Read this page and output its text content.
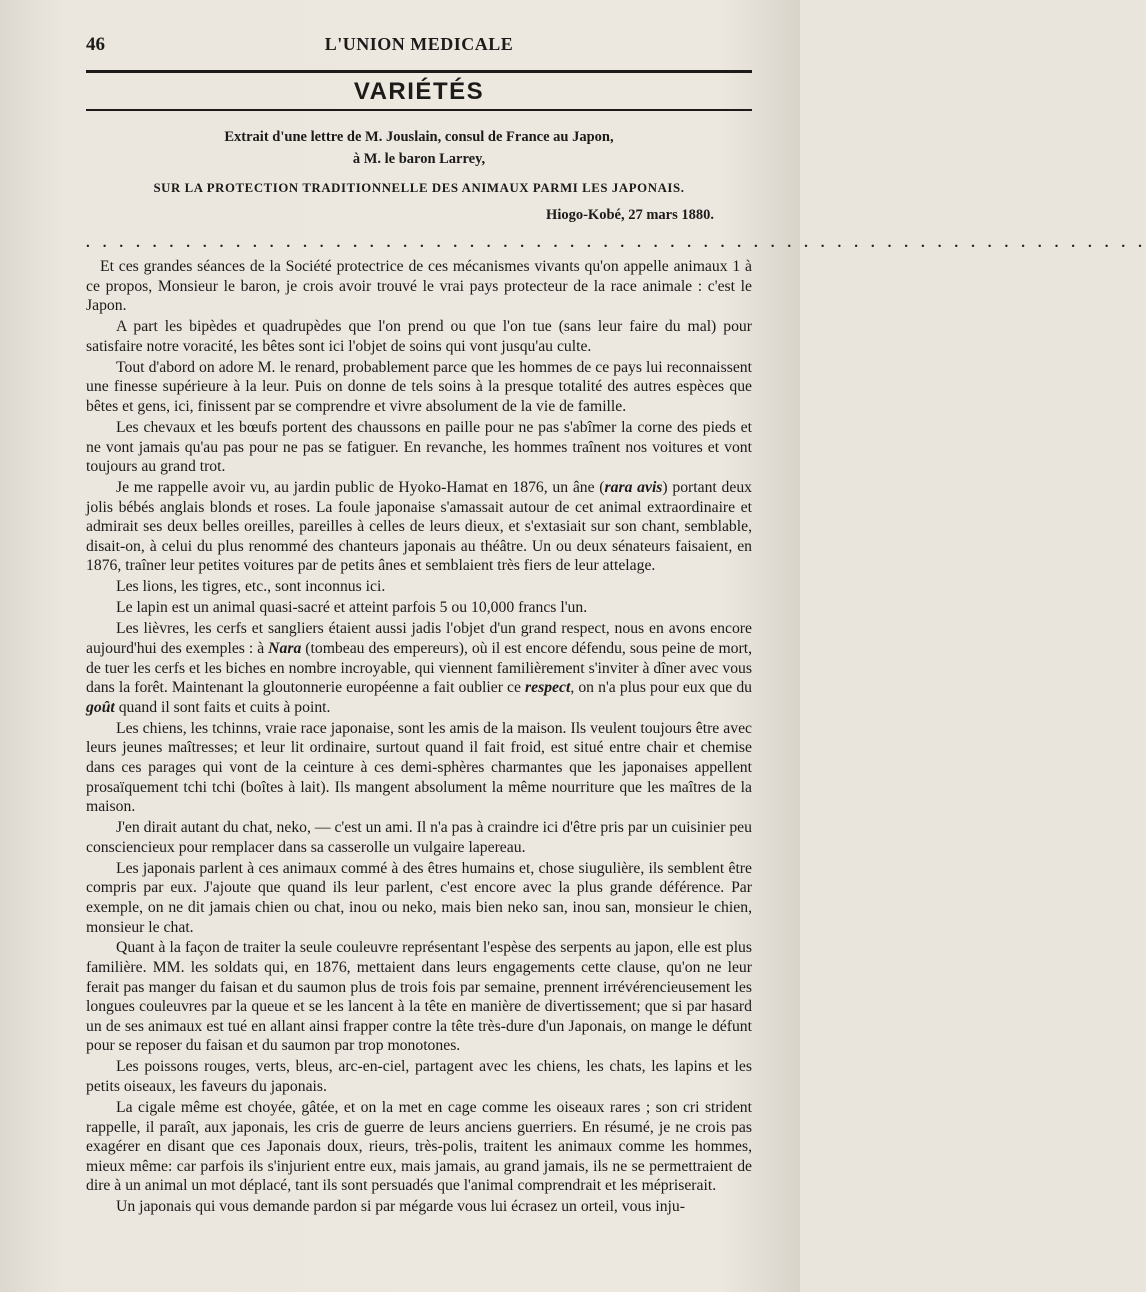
46	L'UNION MEDICALE
VARIÉTÉS
Extrait d'une lettre de M. Jouslain, consul de France au Japon,
à M. le baron Larrey,
SUR LA PROTECTION TRADITIONNELLE DES ANIMAUX PARMI LES JAPONAIS.
Hiogo-Kobé, 27 mars 1880.
. . . . . . . . . . . . . . . . . . . . . . . . . . . . . . . . . . . . . . . . . . . . . . . . . . . . . . . . . . . . . . . .

Et ces grandes séances de la Société protectrice de ces mécanismes vivants qu'on appelle animaux 1 à ce propos, Monsieur le baron, je crois avoir trouvé le vrai pays protecteur de la race animale : c'est le Japon.

A part les bipèdes et quadrupèdes que l'on prend ou que l'on tue (sans leur faire du mal) pour satisfaire notre voracité, les bêtes sont ici l'objet de soins qui vont jusqu'au culte.

Tout d'abord on adore M. le renard, probablement parce que les hommes de ce pays lui reconnaissent une finesse supérieure à la leur. Puis on donne de tels soins à la presque totalité des autres espèces que bêtes et gens, ici, finissent par se comprendre et vivre absolument de la vie de famille.

Les chevaux et les bœufs portent des chaussons en paille pour ne pas s'abîmer la corne des pieds et ne vont jamais qu'au pas pour ne pas se fatiguer. En revanche, les hommes traînent nos voitures et vont toujours au grand trot.

Je me rappelle avoir vu, au jardin public de Hyoko-Hamat en 1876, un âne (rara avis) portant deux jolis bébés anglais blonds et roses. La foule japonaise s'amassait autour de cet animal extraordinaire et admirait ses deux belles oreilles, pareilles à celles de leurs dieux, et s'extasiait sur son chant, semblable, disait-on, à celui du plus renommé des chanteurs japonais au théâtre. Un ou deux sénateurs faisaient, en 1876, traîner leur petites voitures par de petits ânes et semblaient très fiers de leur attelage.

Les lions, les tigres, etc., sont inconnus ici.

Le lapin est un animal quasi-sacré et atteint parfois 5 ou 10,000 francs l'un.

Les lièvres, les cerfs et sangliers étaient aussi jadis l'objet d'un grand respect, nous en avons encore aujourd'hui des exemples : à Nara (tombeau des empereurs), où il est encore défendu, sous peine de mort, de tuer les cerfs et les biches en nombre incroyable, qui viennent familièrement s'inviter à dîner avec vous dans la forêt. Maintenant la gloutonnerie européenne a fait oublier ce respect, on n'a plus pour eux que du goût quand il sont faits et cuits à point.

Les chiens, les tchinns, vraie race japonaise, sont les amis de la maison. Ils veulent toujours être avec leurs jeunes maîtresses; et leur lit ordinaire, surtout quand il fait froid, est situé entre chair et chemise dans ces parages qui vont de la ceinture à ces demi-sphères charmantes que les japonaises appellent prosaïquement tchi tchi (boîtes à lait). Ils mangent absolument la même nourriture que les maîtres de la maison.

J'en dirait autant du chat, neko, — c'est un ami. Il n'a pas à craindre ici d'être pris par un cuisinier peu consciencieux pour remplacer dans sa casserolle un vulgaire lapereau.

Les japonais parlent à ces animaux commé à des êtres humains et, chose siugulière, ils semblent être compris par eux. J'ajoute que quand ils leur parlent, c'est encore avec la plus grande déférence. Par exemple, on ne dit jamais chien ou chat, inou ou neko, mais bien neko san, inou san, monsieur le chien, monsieur le chat.

Quant à la façon de traiter la seule couleuvre représentant l'espèse des serpents au japon, elle est plus familière. MM. les soldats qui, en 1876, mettaient dans leurs engagements cette clause, qu'on ne leur ferait pas manger du faisan et du saumon plus de trois fois par semaine, prennent irrévérencieusement les longues couleuvres par la queue et se les lancent à la tête en manière de divertissement; que si par hasard un de ses animaux est tué en allant ainsi frapper contre la tête très-dure d'un Japonais, on mange le défunt pour se reposer du faisan et du saumon par trop monotones.

Les poissons rouges, verts, bleus, arc-en-ciel, partagent avec les chiens, les chats, les lapins et les petits oiseaux, les faveurs du japonais.

La cigale même est choyée, gâtée, et on la met en cage comme les oiseaux rares ; son cri strident rappelle, il paraît, aux japonais, les cris de guerre de leurs anciens guerriers. En résumé, je ne crois pas exagérer en disant que ces Japonais doux, rieurs, très-polis, traitent les animaux comme les hommes, mieux même: car parfois ils s'injurient entre eux, mais jamais, au grand jamais, ils ne se permettraient de dire à un animal un mot déplacé, tant ils sont persuadés que l'animal comprendrait et les mépriserait.

Un japonais qui vous demande pardon si par mégarde vous lui écrasez un orteil, vous inju-
